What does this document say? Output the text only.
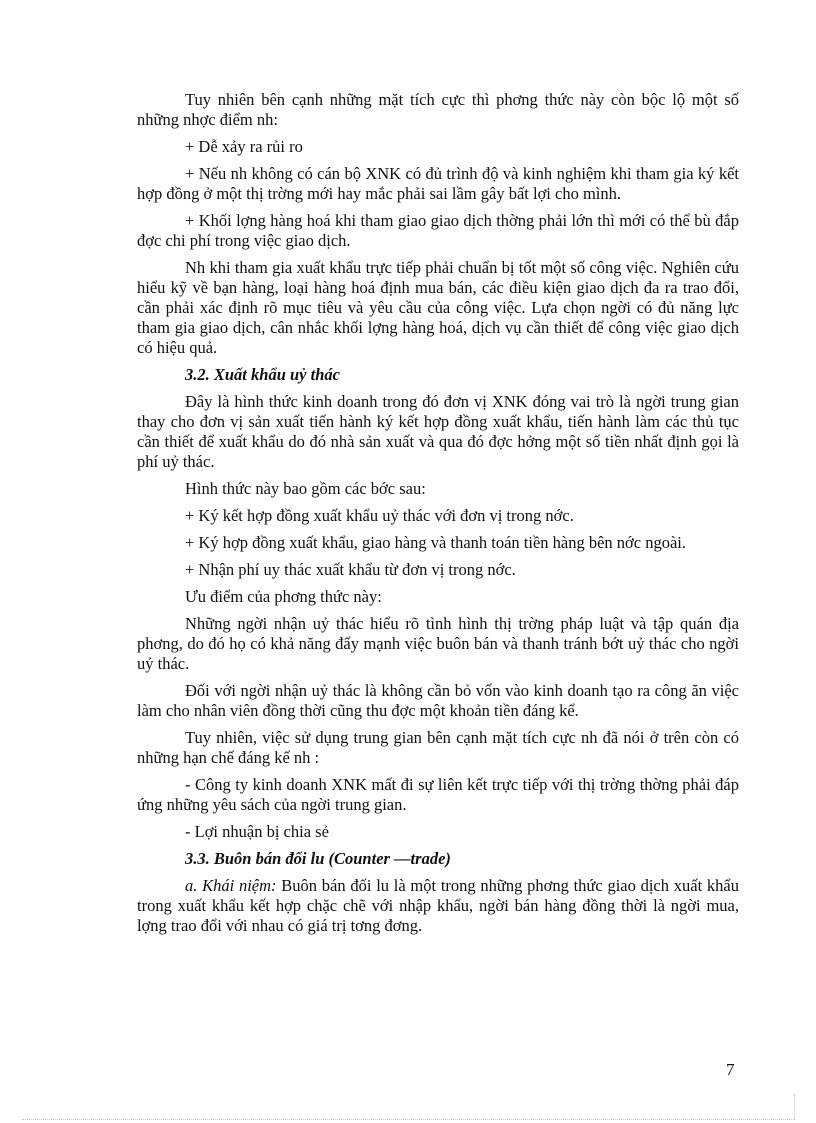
Tuy nhiên bên cạnh những mặt tích cực thì phơng thức này còn bộc lộ một số những nhợc điểm nh:

+ Dễ xảy ra rủi ro

+ Nếu nh không có cán bộ XNK có đủ trình độ và kinh nghiệm khi tham gia ký kết hợp đồng ở một thị trờng mới hay mắc phải sai lầm gây bất lợi cho mình.

+ Khối lợng hàng hoá khi tham giao giao dịch thờng phải lớn thì mới có thể bù đắp đợc chi phí trong việc giao dịch.

Nh khi tham gia xuất khẩu trực tiếp phải chuẩn bị tốt một số công việc. Nghiên cứu hiểu kỹ về bạn hàng, loại hàng hoá định mua bán, các điều kiện giao dịch đa ra trao đổi, cần phải xác định rõ mục tiêu và yêu cầu của công việc. Lựa chọn ngời có đủ năng lực tham gia giao dịch, cân nhắc khối lợng hàng hoá, dịch vụ cần thiết để công việc giao dịch có hiệu quả.

3.2. Xuất khẩu uỷ thác

Đây là hình thức kinh doanh trong đó đơn vị XNK đóng vai trò là ngời trung gian thay cho đơn vị sản xuất tiến hành ký kết hợp đồng xuất khẩu, tiến hành làm các thủ tục cần thiết để xuất khẩu do đó nhà sản xuất và qua đó đợc hởng một số tiền nhất định gọi là phí uỷ thác.

Hình thức này bao gồm các bớc sau:

+ Ký kết hợp đồng xuất khẩu uỷ thác với đơn vị trong nớc.

+ Ký hợp đồng xuất khẩu, giao hàng và thanh toán tiền hàng bên nớc ngoài.

+ Nhận phí uy thác xuất khẩu từ đơn vị trong nớc.

Ưu điểm của phơng thức này:

Những ngời nhận uỷ thác hiểu rõ tình hình thị trờng pháp luật và tập quán địa phơng, do đó họ có khả năng đẩy mạnh việc buôn bán và thanh tránh bớt uỷ thác cho ngời uỷ thác.

Đối với ngời nhận uỷ thác là không cần bỏ vốn vào kinh doanh tạo ra công ăn việc làm cho nhân viên đồng thời cũng thu đợc một khoản tiền đáng kể.

Tuy nhiên, việc sử dụng trung gian bên cạnh mặt tích cực nh đã nói ở trên còn có những hạn chế đáng kể nh :

- Công ty kinh doanh XNK mất đi sự liên kết trực tiếp với thị trờng thờng phải đáp ứng những yêu sách của ngời trung gian.

- Lợi nhuận bị chia sẻ

3.3. Buôn bán đối lu (Counter —trade)

a. Khái niệm: Buôn bán đối lu là một trong những phơng thức giao dịch xuất khẩu trong xuất khẩu kết hợp chặc chẽ với nhập khẩu, ngời bán hàng đồng thời là ngời mua, lợng trao đổi với nhau có giá trị tơng đơng.

7
